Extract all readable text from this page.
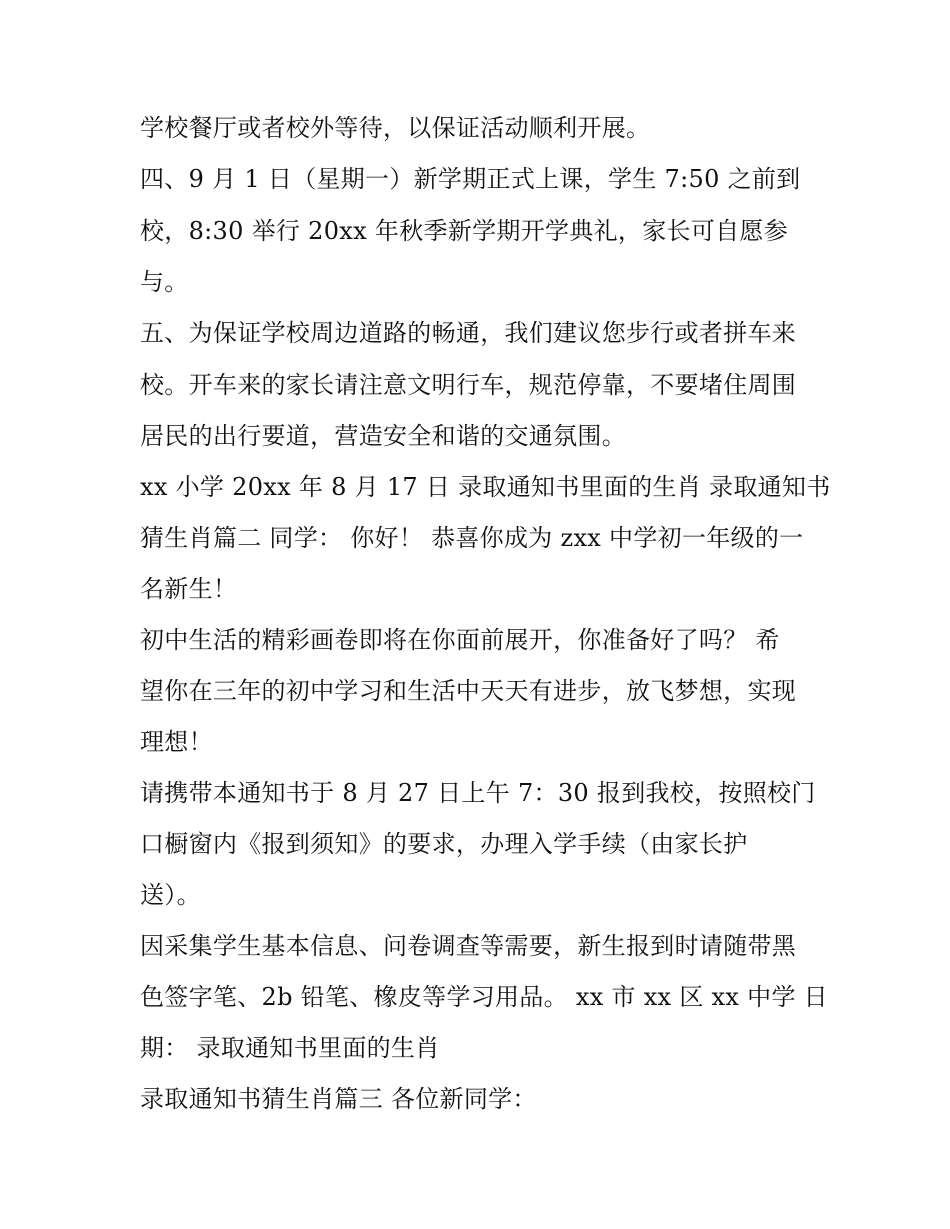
学校餐厅或者校外等待，以保证活动顺利开展。
四、9 月 1 日（星期一）新学期正式上课，学生 7:50 之前到
校，8:30 举行 20xx 年秋季新学期开学典礼，家长可自愿参
与。
五、为保证学校周边道路的畅通，我们建议您步行或者拼车来
校。开车来的家长请注意文明行车，规范停靠，不要堵住周围
居民的出行要道，营造安全和谐的交通氛围。
xx 小学 20xx 年 8 月 17 日 录取通知书里面的生肖 录取通知书
猜生肖篇二 同学： 你好！ 恭喜你成为 zxx 中学初一年级的一
名新生！
初中生活的精彩画卷即将在你面前展开，你准备好了吗？ 希
望你在三年的初中学习和生活中天天有进步，放飞梦想，实现
理想！
请携带本通知书于 8 月 27 日上午 7：30 报到我校，按照校门
口橱窗内《报到须知》的要求，办理入学手续（由家长护
送）。
因采集学生基本信息、问卷调查等需要，新生报到时请随带黑
色签字笔、2b 铅笔、橡皮等学习用品。 xx 市 xx 区 xx 中学 日
期： 录取通知书里面的生肖
录取通知书猜生肖篇三 各位新同学：
